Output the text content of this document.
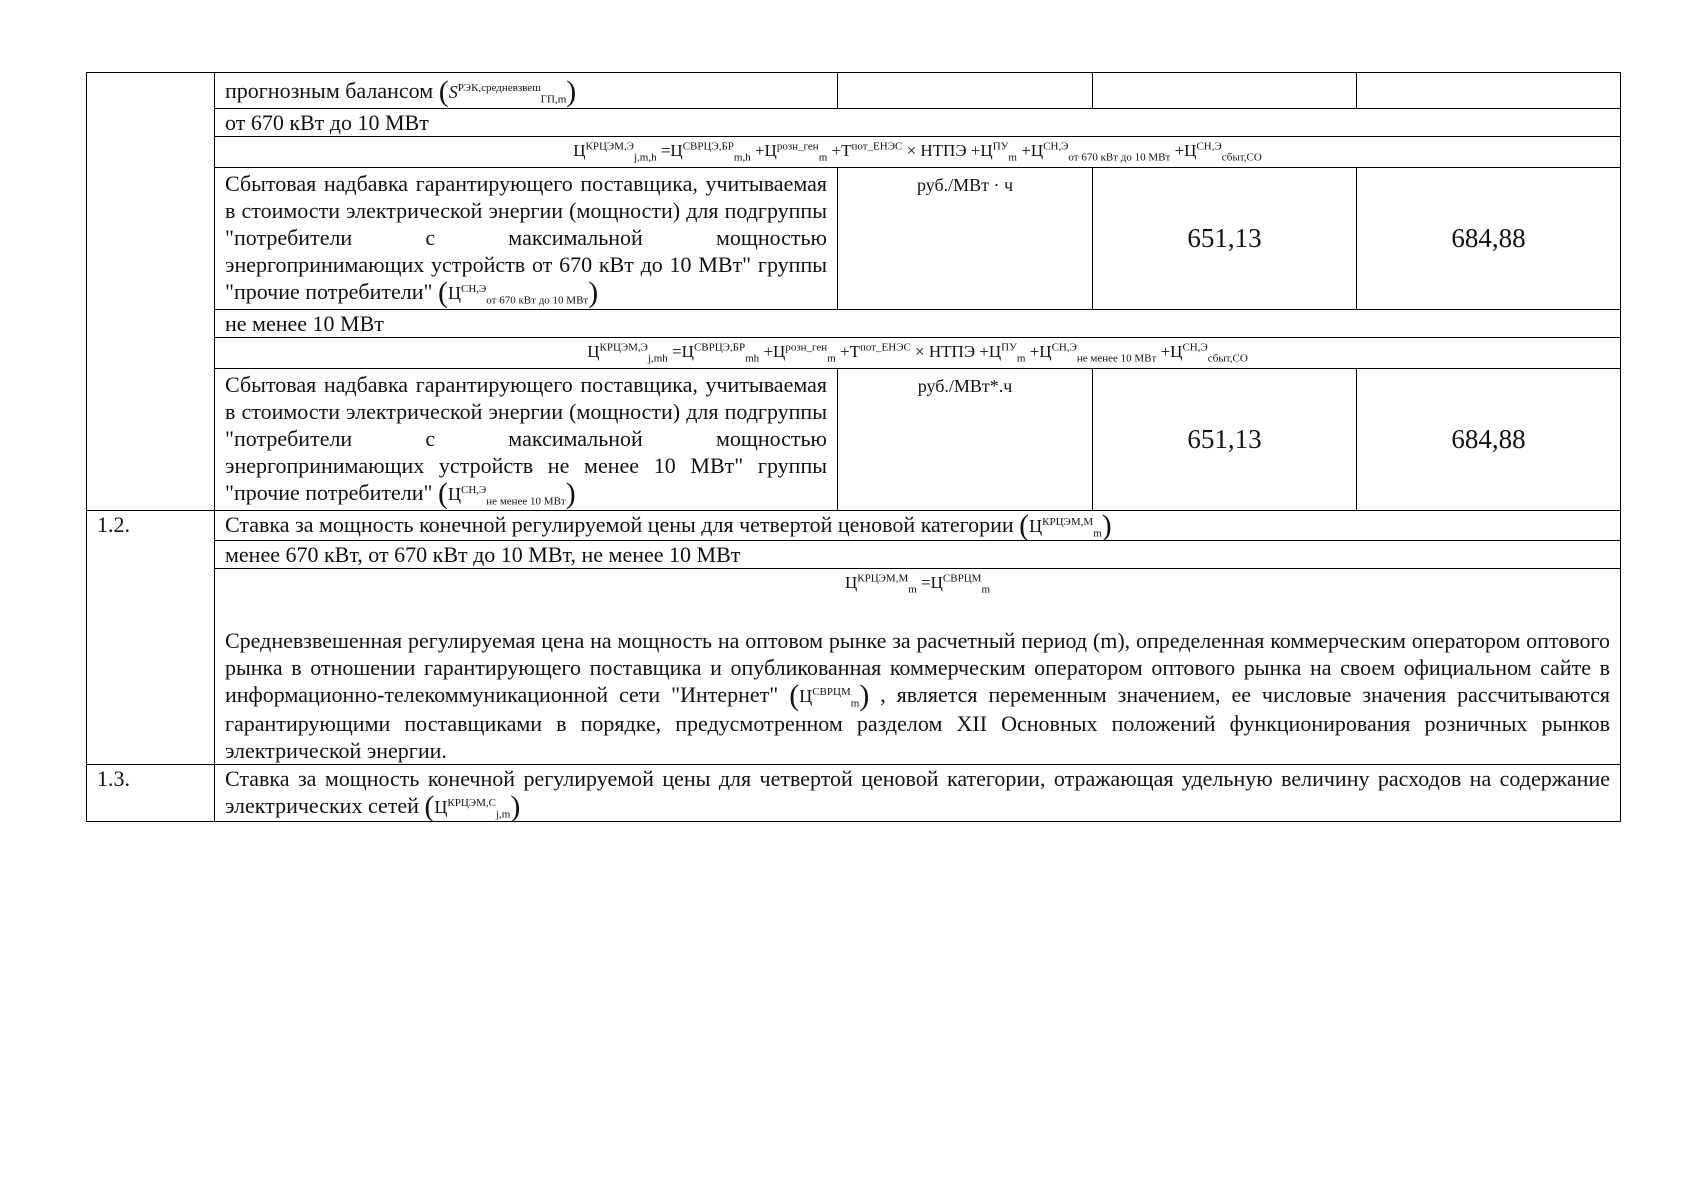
	прогнозным балансом $(S^{РЭК,средневзвеш}_{ГП,m})$			
	от 670 кВт до 10 МВт			
	$Ц^{КРЦЭМ,Э}_{j,m,h} =Ц^{СВРЦЭ,БР}_{m,h} +Ц^{розн\_ген}_m +Т^{пот\_ЕНЭС}$ × НТПЭ $+Ц^{ПУ}_m +Ц^{СН,Э}_{от 670 кВт до 10 МВт} +Ц^{СН,Э}_{сбыт,СО}$
	Сбытовая надбавка гарантирующего поставщика, учитываемая в стоимости электрической энергии (мощности) для подгруппы "потребители с максимальной мощностью энергопринимающих устройств от 670 кВт до 10 МВт" группы "прочие потребители" $(Ц^{СН,Э}_{от 670 кВт до 10 МВт})$	руб./МВт · ч	651,13	684,88
	не менее 10 МВт			
	$Ц^{КРЦЭМ,Э}_{j,mh} =Ц^{СВРЦЭ,БР}_{mh} +Ц^{розн\_ген}_m +Т^{пот\_ЕНЭС}$ × НТПЭ $+Ц^{ПУ}_m +Ц^{СН,Э}_{не менее 10 МВт} +Ц^{СН,Э}_{сбыт,СО}$
	Сбытовая надбавка гарантирующего поставщика, учитываемая в стоимости электрической энергии (мощности) для подгруппы "потребители с максимальной мощностью энергопринимающих устройств не менее 10 МВт" группы "прочие потребители" $(Ц^{СН,Э}_{не менее 10 МВт})$	руб./МВт*.ч	651,13	684,88
1.2.	Ставка за мощность конечной регулируемой цены для четвертой ценовой категории $(Ц^{КРЦЭМ,М}_m)$			
	менее 670 кВт, от 670 кВт до 10 МВт, не менее 10 МВт			

	$Ц^{КРЦЭМ,М}_m =Ц^{СВРЦМ}_m$
Средневзвешенная регулируемая цена на мощность на оптовом рынке за расчетный период (m), определенная коммерческим оператором оптового рынка в отношении гарантирующего поставщика и опубликованная коммерческим оператором оптового рынка на своем официальном сайте в информационно-телекоммуникационной сети "Интернет" $(Ц^{СВРЦМ}_m)$ , является переменным значением, ее числовые значения рассчитываются гарантирующими поставщиками в порядке, предусмотренном разделом XII Основных положений функционирования розничных рынков электрической энергии.			

1.3.	Ставка за мощность конечной регулируемой цены для четвертой ценовой категории, отражающая удельную величину расходов на содержание электрических сетей $(Ц^{КРЦЭМ,С}_{j,m})$			
